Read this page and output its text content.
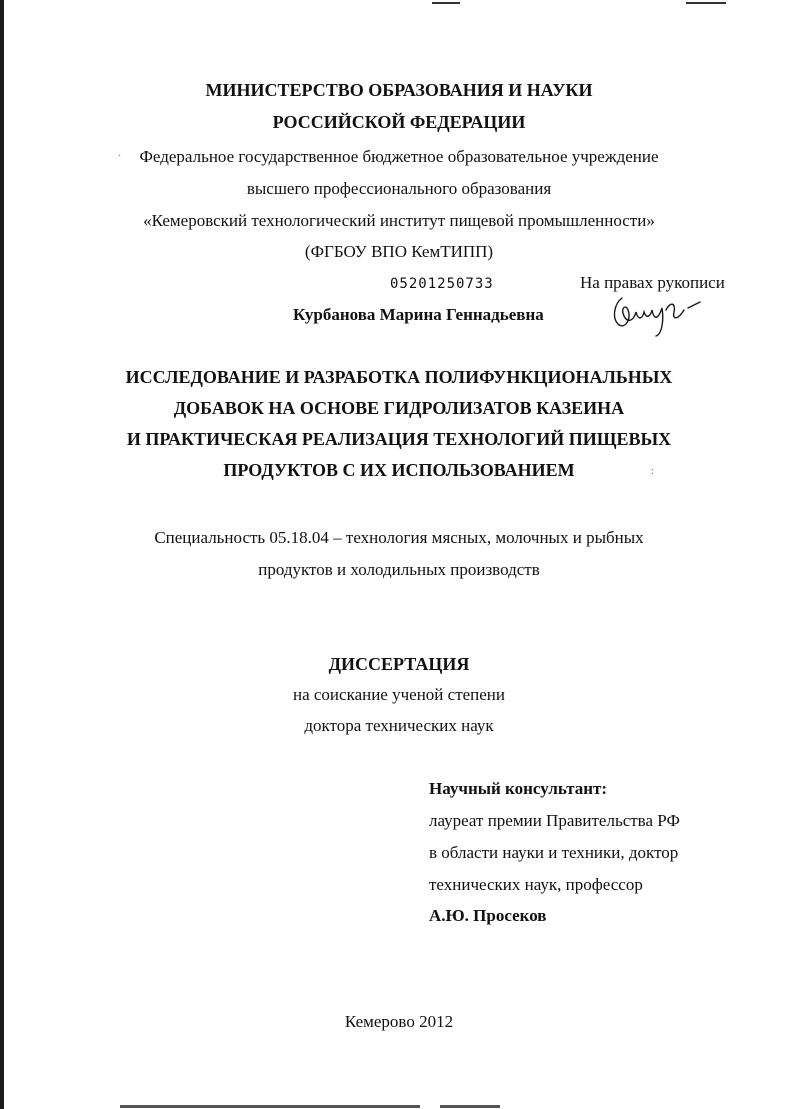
МИНИСТЕРСТВО ОБРАЗОВАНИЯ И НАУКИ
РОССИЙСКОЙ ФЕДЕРАЦИИ
·	Федеральное государственное бюджетное образовательное учреждение
высшего профессионального образования
«Кемеровский технологический институт пищевой промышленности»
(ФГБОУ ВПО КемТИПП)
05201250733	На правах рукописи
Курбанова Марина Геннадьевна
ИССЛЕДОВАНИЕ И РАЗРАБОТКА ПОЛИФУНКЦИОНАЛЬНЫХ
ДОБАВОК НА ОСНОВЕ ГИДРОЛИЗАТОВ КАЗЕИНА
И ПРАКТИЧЕСКАЯ РЕАЛИЗАЦИЯ ТЕХНОЛОГИЙ ПИЩЕВЫХ
ПРОДУКТОВ С ИХ ИСПОЛЬЗОВАНИЕМ	:
Специальность 05.18.04 – технология мясных, молочных и рыбных
продуктов и холодильных производств
ДИССЕРТАЦИЯ
на соискание ученой степени
доктора технических наук
Научный консультант:
лауреат премии Правительства РФ
в области науки и техники, доктор
технических наук, профессор
А.Ю. Просеков
Кемерово 2012
